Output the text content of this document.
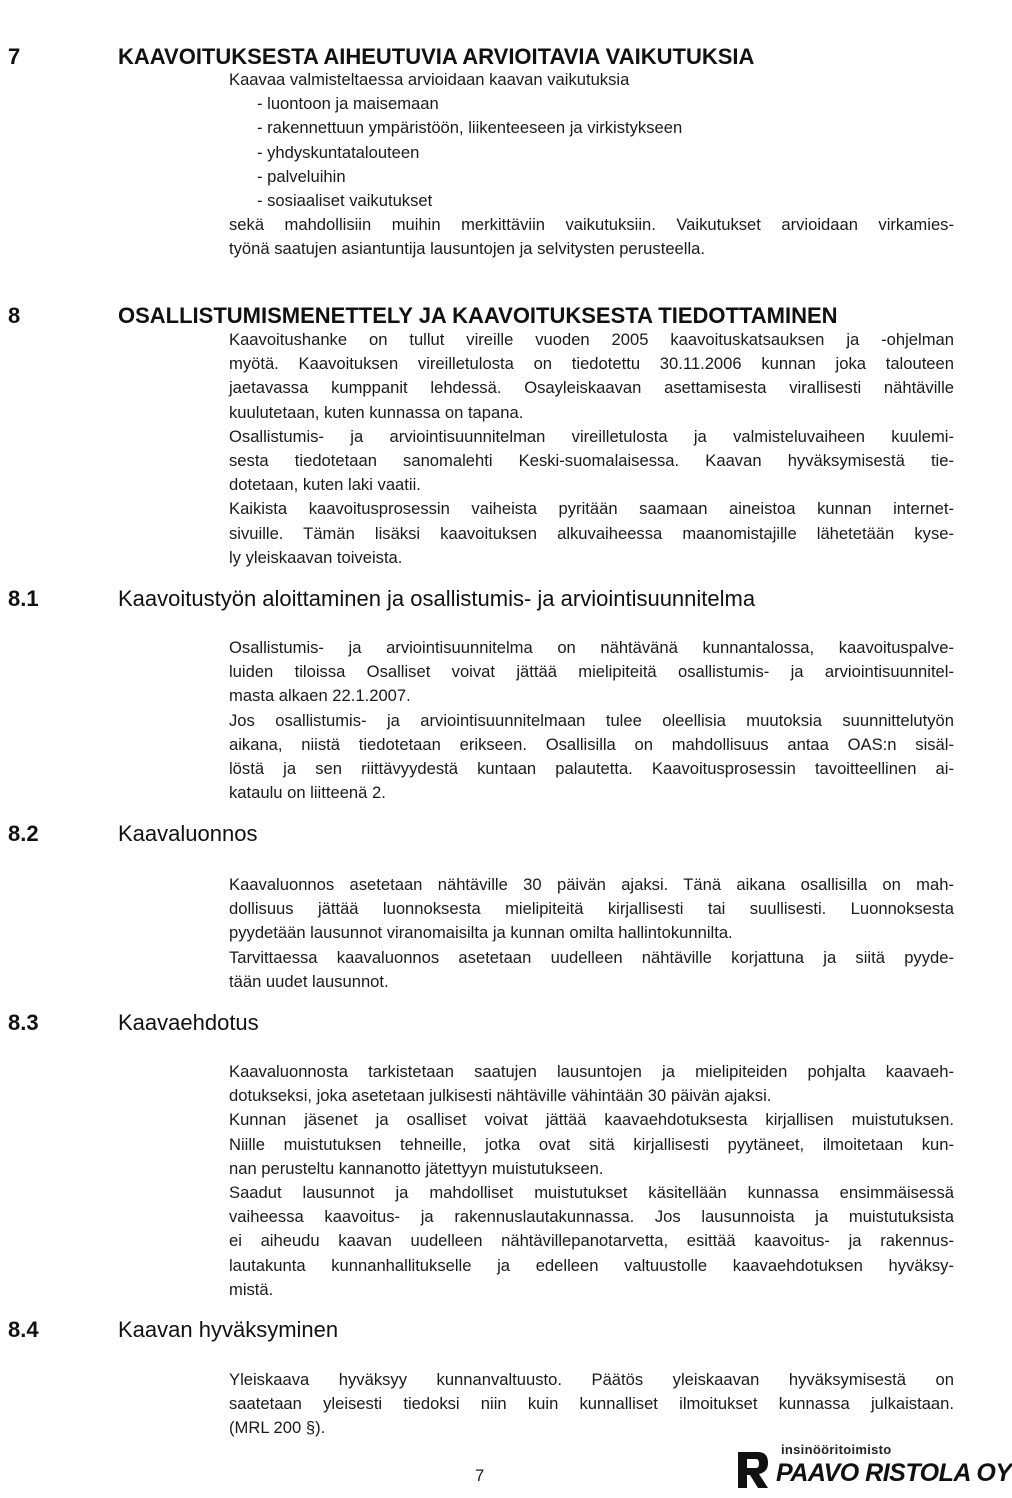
7	KAAVOITUKSESTA AIHEUTUVIA ARVIOITAVIA VAIKUTUKSIA
Kaavaa valmisteltaessa arvioidaan kaavan vaikutuksia
- luontoon ja maisemaan
- rakennettuun ympäristöön, liikenteeseen ja virkistykseen
- yhdyskuntatalouteen
- palveluihin
- sosiaaliset vaikutukset
sekä mahdollisiin muihin merkittäviin vaikutuksiin. Vaikutukset arvioidaan virkamies-
työnä saatujen asiantuntija lausuntojen ja selvitysten perusteella.
8	OSALLISTUMISMENETTELY JA KAAVOITUKSESTA TIEDOTTAMINEN
Kaavoitushanke on tullut vireille vuoden 2005 kaavoituskatsauksen ja -ohjelman
myötä. Kaavoituksen vireilletulosta on tiedotettu 30.11.2006 kunnan joka talouteen
jaetavassa kumppanit lehdessä. Osayleiskaavan asettamisesta virallisesti nähtäville
kuulutetaan, kuten kunnassa on tapana.
Osallistumis- ja arviointisuunnitelman vireilletulosta ja valmisteluvaiheen kuulemi-
sesta tiedotetaan sanomalehti Keski-suomalaisessa. Kaavan hyväksymisestä tie-
dotetaan, kuten laki vaatii.
Kaikista kaavoitusprosessin vaiheista pyritään saamaan aineistoa kunnan internet-
sivuille. Tämän lisäksi kaavoituksen alkuvaiheessa maanomistajille lähetetään kyse-
ly yleiskaavan toiveista.
8.1	Kaavoitustyön aloittaminen ja osallistumis- ja arviointisuunnitelma
Osallistumis- ja arviointisuunnitelma on nähtävänä kunnantalossa, kaavoituspalve-
luiden tiloissa Osalliset voivat jättää mielipiteitä osallistumis- ja arviointisuunnitel-
masta alkaen 22.1.2007.
Jos osallistumis- ja arviointisuunnitelmaan tulee oleellisia muutoksia suunnittelutyön
aikana, niistä tiedotetaan erikseen. Osallisilla on mahdollisuus antaa OAS:n sisäl-
löstä ja sen riittävyydestä kuntaan palautetta. Kaavoitusprosessin tavoitteellinen ai-
kataulu on liitteenä 2.
8.2	Kaavaluonnos
Kaavaluonnos asetetaan nähtäville 30 päivän ajaksi. Tänä aikana osallisilla on mah-
dollisuus jättää luonnoksesta mielipiteitä kirjallisesti tai suullisesti. Luonnoksesta
pyydetään lausunnot viranomaisilta ja kunnan omilta hallintokunnilta.
Tarvittaessa kaavaluonnos asetetaan uudelleen nähtäville korjattuna ja siitä pyyde-
tään uudet lausunnot.
8.3	Kaavaehdotus
Kaavaluonnosta tarkistetaan saatujen lausuntojen ja mielipiteiden pohjalta kaavaeh-
dotukseksi, joka asetetaan julkisesti nähtäville vähintään 30 päivän ajaksi.
Kunnan jäsenet ja osalliset voivat jättää kaavaehdotuksesta kirjallisen muistutuksen.
Niille muistutuksen tehneille, jotka ovat sitä kirjallisesti pyytäneet, ilmoitetaan kun-
nan perusteltu kannanotto jätettyyn muistutukseen.
Saadut lausunnot ja mahdolliset muistutukset käsitellään kunnassa ensimmäisessä
vaiheessa kaavoitus- ja rakennuslautakunnassa. Jos lausunnoista ja muistutuksista
ei aiheudu kaavan uudelleen nähtävillepanotarvetta, esittää kaavoitus- ja rakennus-
lautakunta kunnanhallitukselle ja edelleen valtuustolle kaavaehdotuksen hyväksy-
mistä.
8.4	Kaavan hyväksyminen
Yleiskaava hyväksyy kunnanvaltuusto. Päätös yleiskaavan hyväksymisestä on
saatetaan yleisesti tiedoksi niin kuin kunnalliset ilmoitukset kunnassa julkaistaan.
(MRL 200 §).
7
insinööritoimisto
PAAVO RISTOLA OY
